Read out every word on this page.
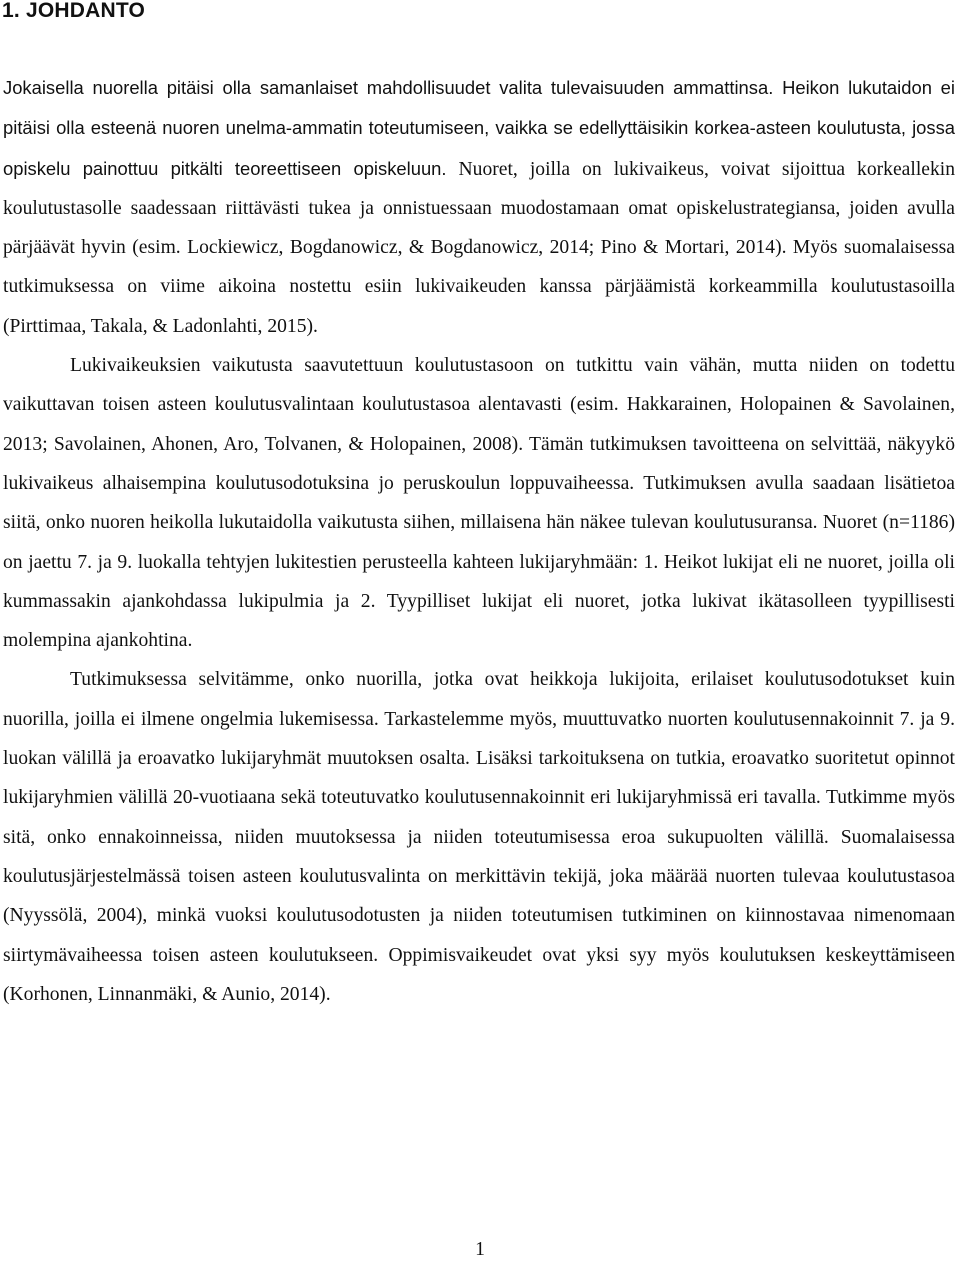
1. JOHDANTO

Jokaisella nuorella pitäisi olla samanlaiset mahdollisuudet valita tulevaisuuden ammattinsa. Heikon lukutaidon ei pitäisi olla esteenä nuoren unelma-ammatin toteutumiseen, vaikka se edellyttäisikin korkea-asteen koulutusta, jossa opiskelu painottuu pitkälti teoreettiseen opiskeluun. Nuoret, joilla on lukivaikeus, voivat sijoittua korkeallekin koulutustasolle saadessaan riittävästi tukea ja onnistuessaan muodostamaan omat opiskelustrategiansa, joiden avulla pärjäävät hyvin (esim. Lockiewicz, Bogdanowicz, & Bogdanowicz, 2014; Pino & Mortari, 2014). Myös suomalaisessa tutkimuksessa on viime aikoina nostettu esiin lukivaikeuden kanssa pärjäämistä korkeammilla koulutustasoilla (Pirttimaa, Takala, & Ladonlahti, 2015).

Lukivaikeuksien vaikutusta saavutettuun koulutustasoon on tutkittu vain vähän, mutta niiden on todettu vaikuttavan toisen asteen koulutusvalintaan koulutustasoa alentavasti (esim. Hakkarainen, Holopainen & Savolainen, 2013; Savolainen, Ahonen, Aro, Tolvanen, & Holopainen, 2008). Tämän tutkimuksen tavoitteena on selvittää, näkyykö lukivaikeus alhaisempina koulutusodotuksina jo peruskoulun loppuvaiheessa. Tutkimuksen avulla saadaan lisätietoa siitä, onko nuoren heikolla lukutaidolla vaikutusta siihen, millaisena hän näkee tulevan koulutusuransa. Nuoret (n=1186) on jaettu 7. ja 9. luokalla tehtyjen lukitestien perusteella kahteen lukijaryhmään: 1. Heikot lukijat eli ne nuoret, joilla oli kummassakin ajankohdassa lukipulmia ja 2. Tyypilliset lukijat eli nuoret, jotka lukivat ikätasolleen tyypillisesti molempina ajankohtina.

Tutkimuksessa selvitämme, onko nuorilla, jotka ovat heikkoja lukijoita, erilaiset koulutusodotukset kuin nuorilla, joilla ei ilmene ongelmia lukemisessa. Tarkastelemme myös, muuttuvatko nuorten koulutusennakoinnit 7. ja 9. luokan välillä ja eroavatko lukijaryhmät muutoksen osalta. Lisäksi tarkoituksena on tutkia, eroavatko suoritetut opinnot lukijaryhmien välillä 20-vuotiaana sekä toteutuvatko koulutusennakoinnit eri lukijaryhmissä eri tavalla. Tutkimme myös sitä, onko ennakoinneissa, niiden muutoksessa ja niiden toteutumisessa eroa sukupuolten välillä. Suomalaisessa koulutusjärjestelmässä toisen asteen koulutusvalinta on merkittävin tekijä, joka määrää nuorten tulevaa koulutustasoa (Nyyssölä, 2004), minkä vuoksi koulutusodotusten ja niiden toteutumisen tutkiminen on kiinnostavaa nimenomaan siirtymävaiheessa toisen asteen koulutukseen. Oppimisvaikeudet ovat yksi syy myös koulutuksen keskeyttämiseen (Korhonen, Linnanmäki, & Aunio, 2014).

1
